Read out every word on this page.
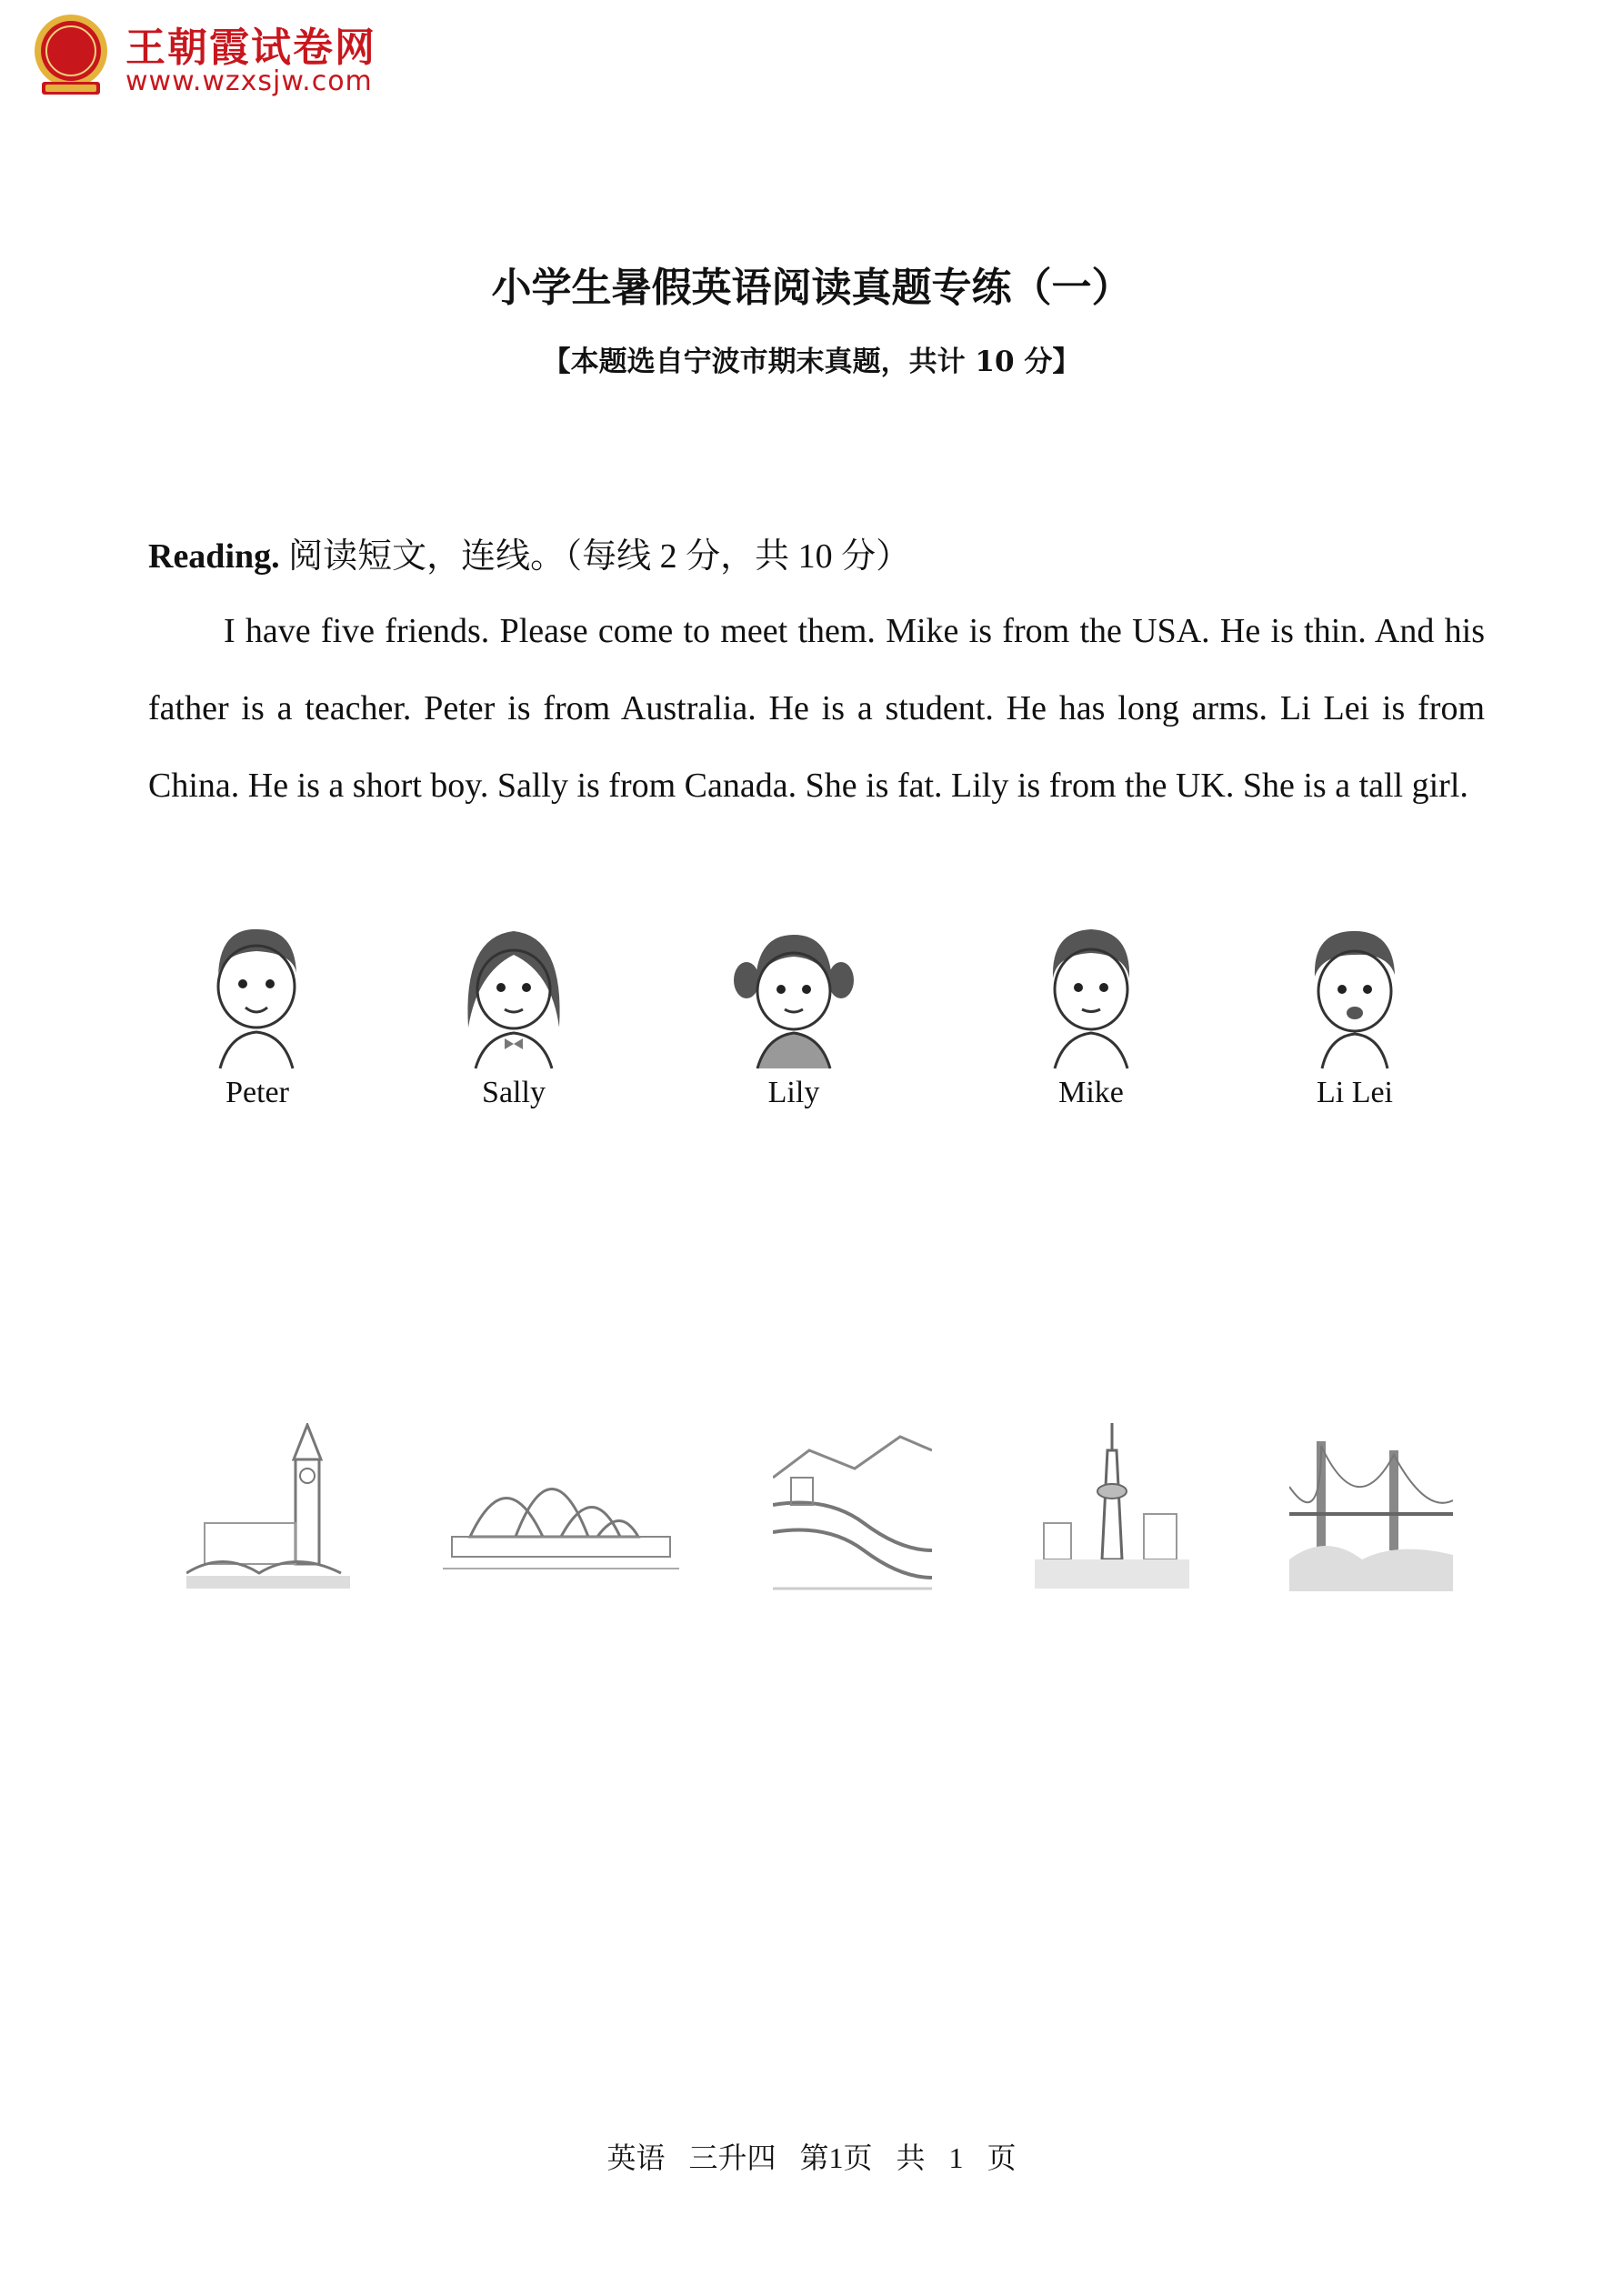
王朝霞试卷网
www.wzxsjw.com
小学生暑假英语阅读真题专练（一）
【本题选自宁波市期末真题，共计 10 分】
Reading. 阅读短文，连线。（每线 2 分，共 10 分）
I have five friends. Please come to meet them. Mike is from the USA. He is thin. And his father is a teacher. Peter is from Australia. He is a student. He has long arms. Li Lei is from China. He is a short boy. Sally is from Canada. She is fat. Lily is from the UK. She is a tall girl.
Peter	Sally	Lily	Mike	Li Lei
英语 三升四 第1页 共 1 页
